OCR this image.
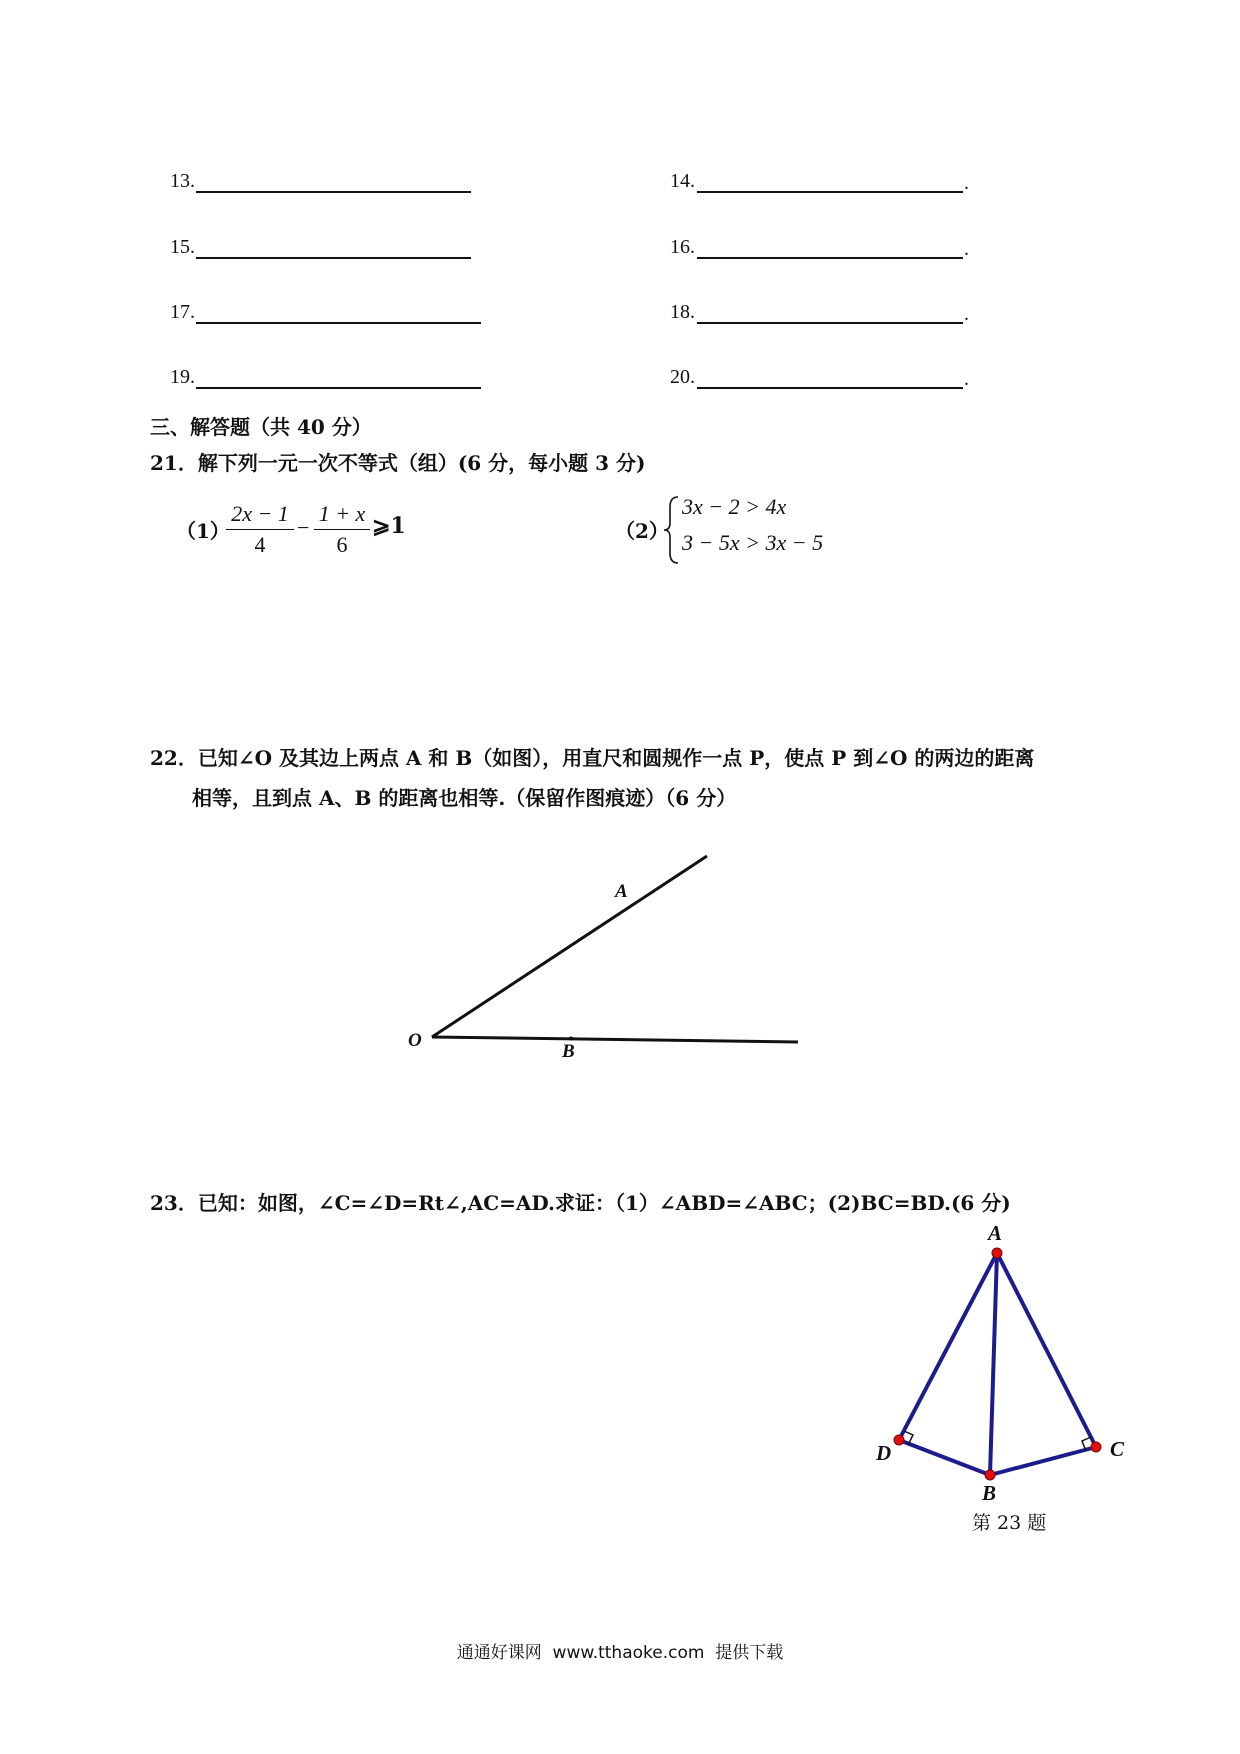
13.	14.	.
15.	16.	.
17.	18.	.
19.	20.	.
三、解答题（共 40 分）
21．解下列一元一次不等式（组）(6 分，每小题 3 分)
（1）
2x − 1
4
−
1 + x
6
⩾1	（2）
3x − 2 > 4x
3 − 5x > 3x − 5
22．已知∠O 及其边上两点 A 和 B（如图），用直尺和圆规作一点 P，使点 P 到∠O 的两边的距离
相等，且到点 A、B 的距离也相等.（保留作图痕迹）（6 分）
O
A
B
23．已知：如图，∠C=∠D=Rt∠,AC=AD.求证：（1）∠ABD=∠ABC；(2)BC=BD.(6 分)
A
D	C
B
第 23 题
通通好课网  www.tthaoke.com  提供下载
